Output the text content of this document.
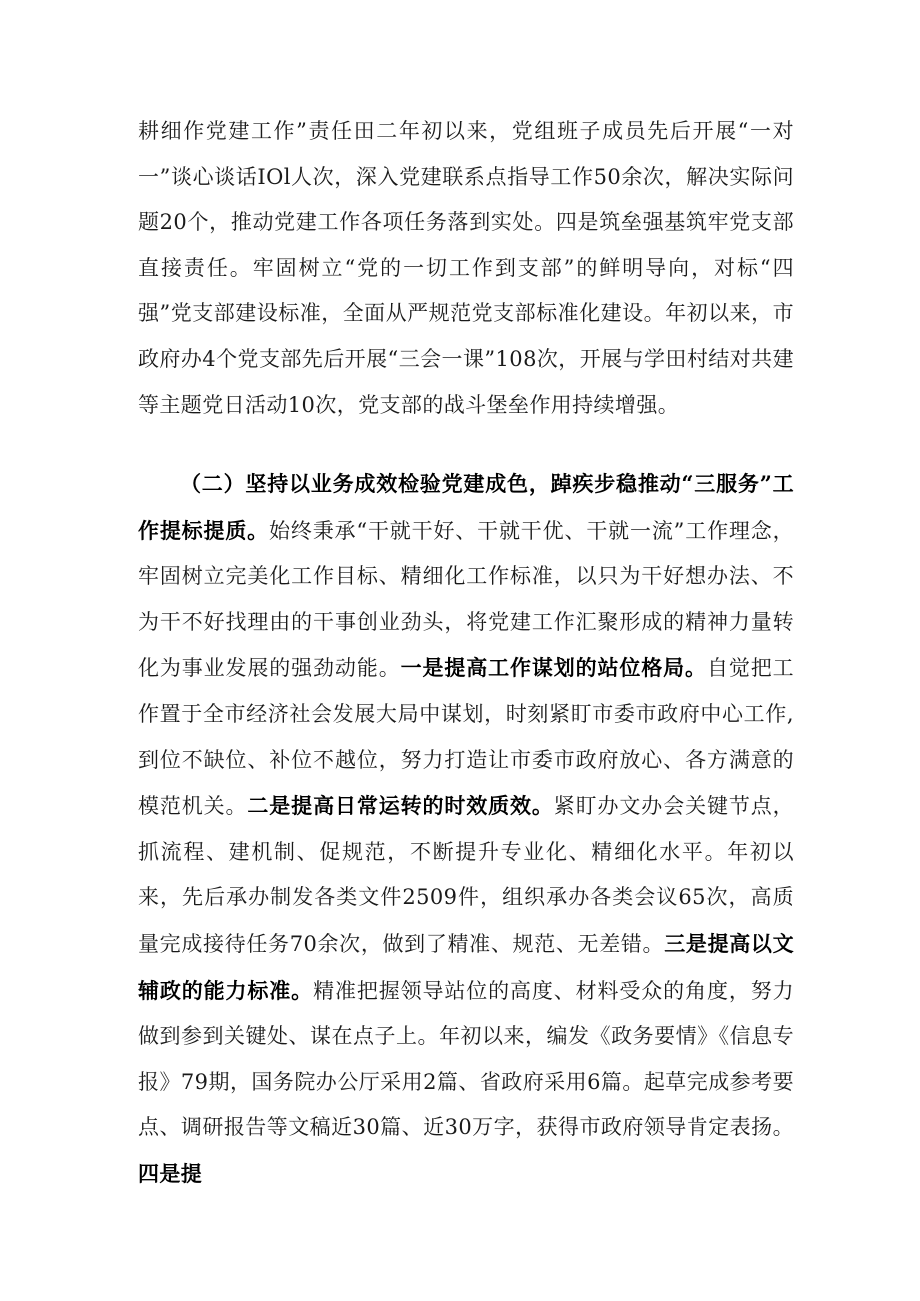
耕细作党建工作”责任田二年初以来，党组班子成员先后开展“一对一”谈心谈话IOl人次，深入党建联系点指导工作50余次，解决实际问题20个，推动党建工作各项任务落到实处。四是筑垒强基筑牢党支部直接责任。牢固树立“党的一切工作到支部”的鲜明导向，对标“四强”党支部建设标准，全面从严规范党支部标准化建设。年初以来，市政府办4个党支部先后开展“三会一课”108次，开展与学田村结对共建等主题党日活动10次，党支部的战斗堡垒作用持续增强。

（二）坚持以业务成效检验党建成色，踔疾步稳推动“三服务”工作提标提质。始终秉承“干就干好、干就干优、干就一流”工作理念，牢固树立完美化工作目标、精细化工作标准，以只为干好想办法、不为干不好找理由的干事创业劲头，将党建工作汇聚形成的精神力量转化为事业发展的强劲动能。一是提高工作谋划的站位格局。自觉把工作置于全市经济社会发展大局中谋划，时刻紧盯市委市政府中心工作,到位不缺位、补位不越位，努力打造让市委市政府放心、各方满意的模范机关。二是提高日常运转的时效质效。紧盯办文办会关键节点，抓流程、建机制、促规范，不断提升专业化、精细化水平。年初以来，先后承办制发各类文件2509件，组织承办各类会议65次，高质量完成接待任务70余次，做到了精准、规范、无差错。三是提高以文辅政的能力标准。精准把握领导站位的高度、材料受众的角度，努力做到参到关键处、谋在点子上。年初以来，编发《政务要情》《信息专报》79期，国务院办公厅采用2篇、省政府采用6篇。起草完成参考要点、调研报告等文稿近30篇、近30万字，获得市政府领导肯定表扬。四是提
